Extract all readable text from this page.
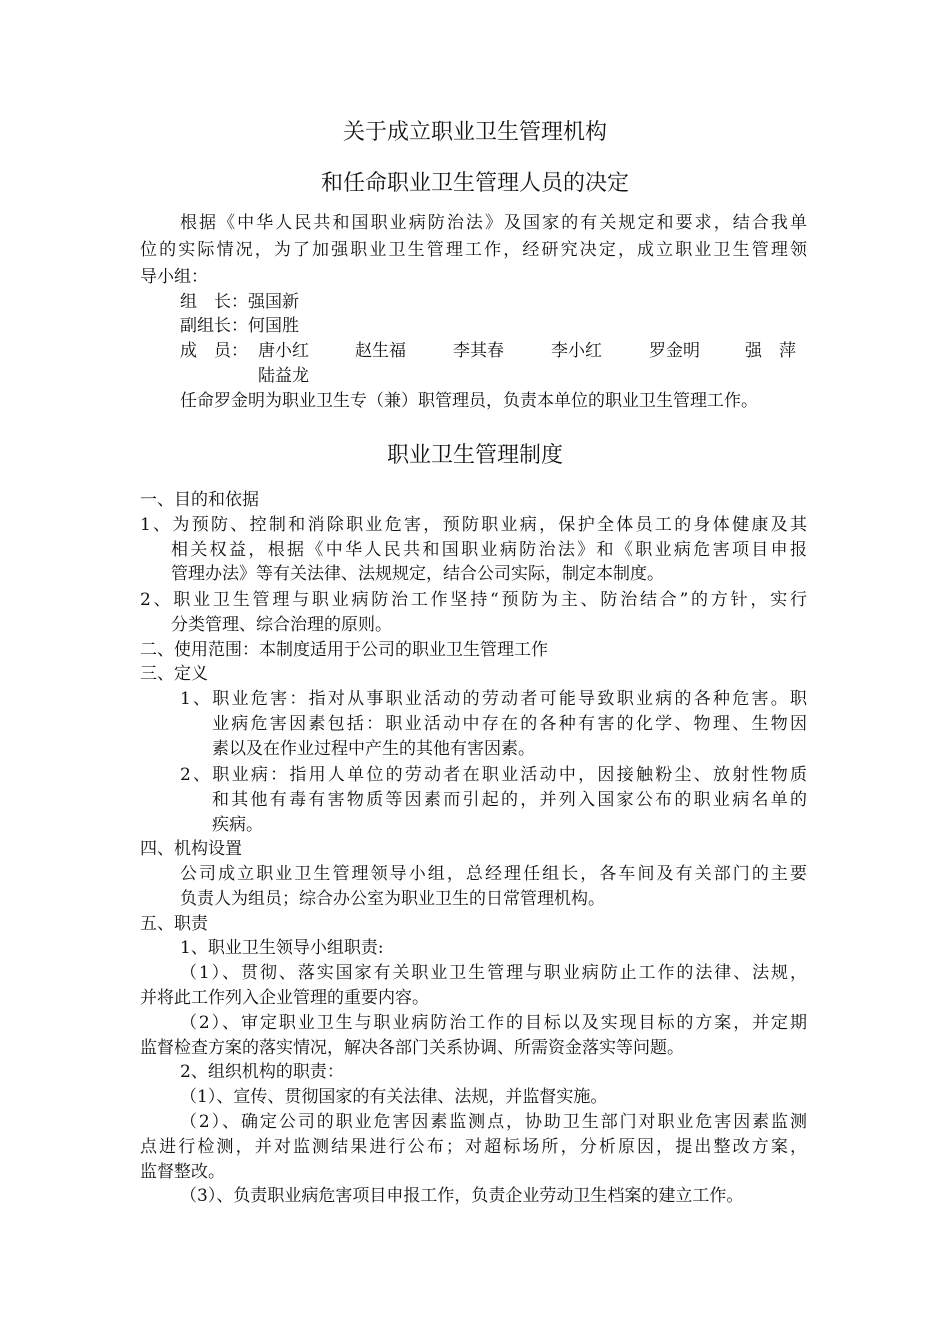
关于成立职业卫生管理机构
和任命职业卫生管理人员的决定
根据《中华人民共和国职业病防治法》及国家的有关规定和要求，结合我单
位的实际情况，为了加强职业卫生管理工作，经研究决定，成立职业卫生管理领
导小组：
组　长：强国新
副组长：何国胜
成　员： 唐小红	赵生福	李其春	李小红	罗金明	强　萍
陆益龙
任命罗金明为职业卫生专（兼）职管理员，负责本单位的职业卫生管理工作。
职业卫生管理制度
一、目的和依据
1、为预防、控制和消除职业危害，预防职业病，保护全体员工的身体健康及其
相关权益，根据《中华人民共和国职业病防治法》和《职业病危害项目申报
管理办法》等有关法律、法规规定，结合公司实际，制定本制度。
2、职业卫生管理与职业病防治工作坚持“预防为主、防治结合”的方针，实行
分类管理、综合治理的原则。
二、使用范围：本制度适用于公司的职业卫生管理工作
三、定义
1、职业危害：指对从事职业活动的劳动者可能导致职业病的各种危害。职
业病危害因素包括：职业活动中存在的各种有害的化学、物理、生物因
素以及在作业过程中产生的其他有害因素。
2、职业病：指用人单位的劳动者在职业活动中，因接触粉尘、放射性物质
和其他有毒有害物质等因素而引起的，并列入国家公布的职业病名单的
疾病。
四、机构设置
公司成立职业卫生管理领导小组，总经理任组长，各车间及有关部门的主要
负责人为组员；综合办公室为职业卫生的日常管理机构。
五、职责
1、职业卫生领导小组职责:
（1）、贯彻、落实国家有关职业卫生管理与职业病防止工作的法律、法规，
并将此工作列入企业管理的重要内容。
（2）、审定职业卫生与职业病防治工作的目标以及实现目标的方案，并定期
监督检查方案的落实情况，解决各部门关系协调、所需资金落实等问题。
2、组织机构的职责：
（1）、宣传、贯彻国家的有关法律、法规，并监督实施。
（2）、确定公司的职业危害因素监测点，协助卫生部门对职业危害因素监测
点进行检测，并对监测结果进行公布；对超标场所，分析原因，提出整改方案，
监督整改。
（3）、负责职业病危害项目申报工作，负责企业劳动卫生档案的建立工作。
